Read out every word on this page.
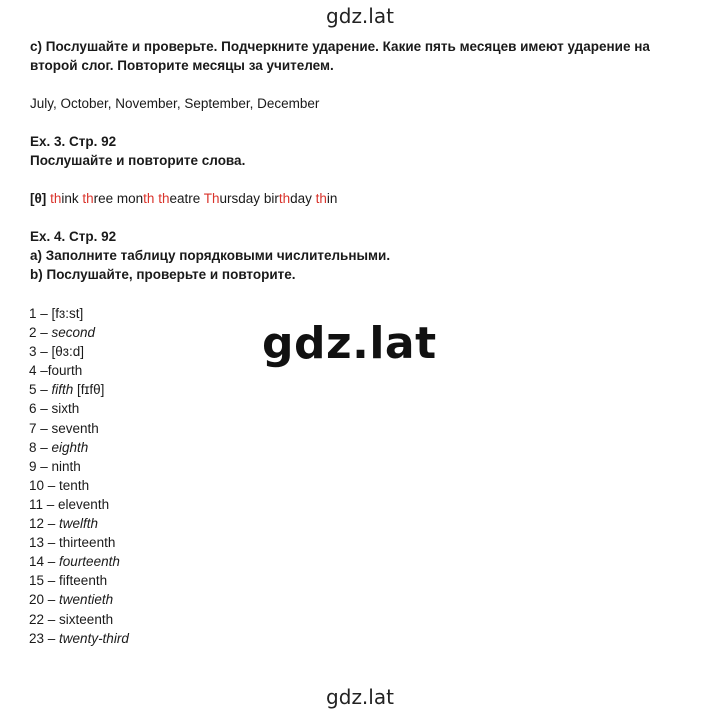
gdz.lat
c) Послушайте и проверьте. Подчеркните ударение. Какие пять месяцев имеют ударение на
второй слог. Повторите месяцы за учителем.
July, October, November, September, December
Ex. 3. Стр. 92
Послушайте и повторите слова.
[θ] think three month theatre Thursday birthday thin
Ex. 4. Стр. 92
a) Заполните таблицу порядковыми числительными.
b) Послушайте, проверьте и повторите.
1 – [fɜ:st]
2 – second
3 – [θɜ:d]
4 –fourth
5 – fifth [fɪfθ]
6 – sixth
7 – seventh
8 – eighth
9 – ninth
10 – tenth
11 – eleventh
12 – twelfth
13 – thirteenth
14 – fourteenth
15 – fifteenth
20 – twentieth
22 – sixteenth
23 – twenty-third
gdz.lat
gdz.lat
